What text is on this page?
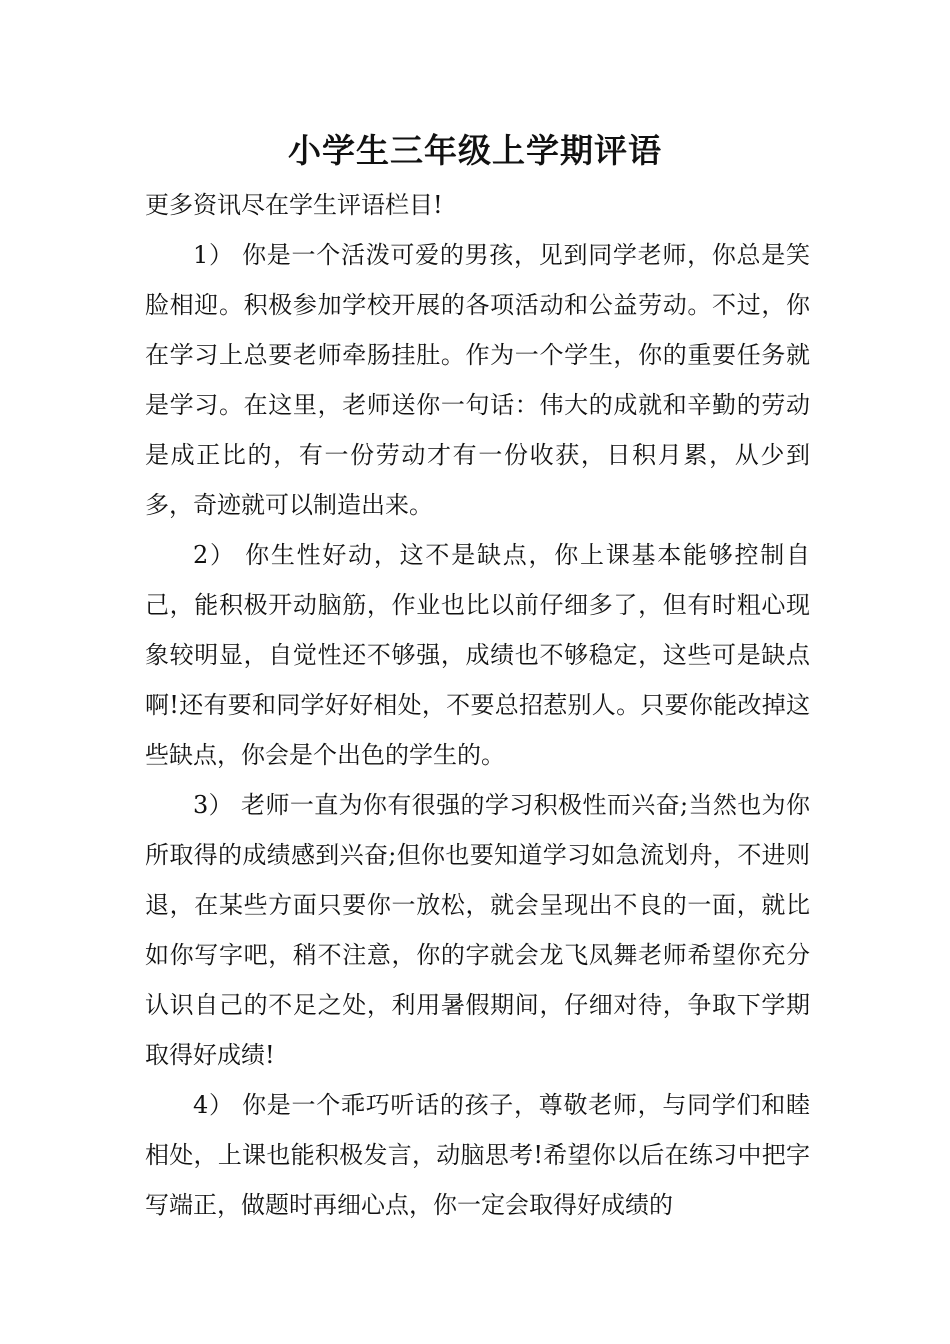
小学生三年级上学期评语

更多资讯尽在学生评语栏目!

1） 你是一个活泼可爱的男孩，见到同学老师，你总是笑脸相迎。积极参加学校开展的各项活动和公益劳动。不过，你在学习上总要老师牵肠挂肚。作为一个学生，你的重要任务就是学习。在这里，老师送你一句话：伟大的成就和辛勤的劳动是成正比的，有一份劳动才有一份收获，日积月累，从少到多，奇迹就可以制造出来。

2） 你生性好动，这不是缺点，你上课基本能够控制自己，能积极开动脑筋，作业也比以前仔细多了，但有时粗心现象较明显，自觉性还不够强，成绩也不够稳定，这些可是缺点啊!还有要和同学好好相处，不要总招惹别人。只要你能改掉这些缺点，你会是个出色的学生的。

3） 老师一直为你有很强的学习积极性而兴奋;当然也为你所取得的成绩感到兴奋;但你也要知道学习如急流划舟，不进则退，在某些方面只要你一放松，就会呈现出不良的一面，就比如你写字吧，稍不注意，你的字就会龙飞凤舞老师希望你充分认识自己的不足之处，利用暑假期间，仔细对待，争取下学期取得好成绩!

4） 你是一个乖巧听话的孩子，尊敬老师，与同学们和睦相处，上课也能积极发言，动脑思考!希望你以后在练习中把字写端正，做题时再细心点，你一定会取得好成绩的
